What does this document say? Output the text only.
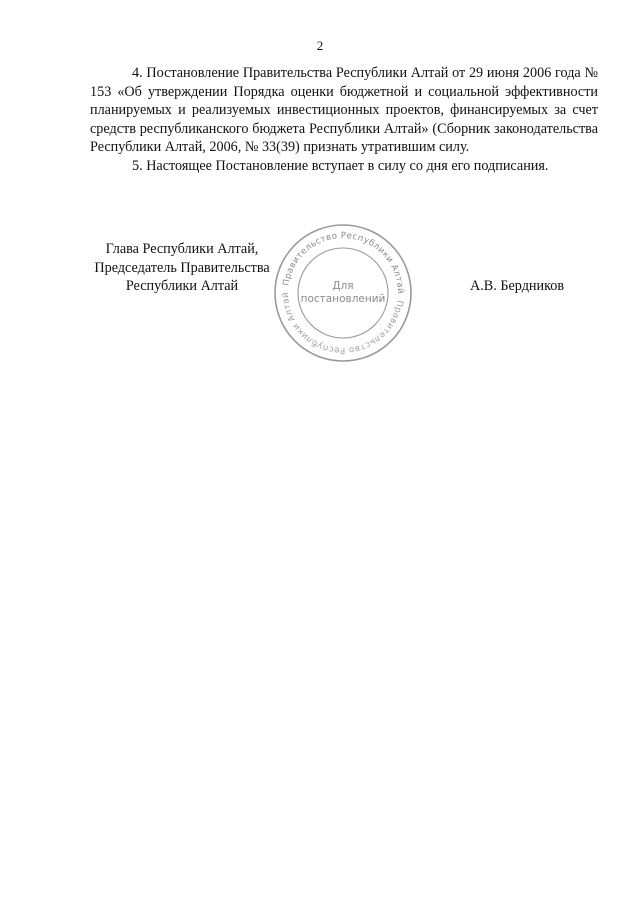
2

4. Постановление Правительства Республики Алтай от 29 июня 2006 года № 153 «Об утверждении Порядка оценки бюджетной и социальной эффективности планируемых и реализуемых инвестиционных проектов, финансируемых за счет средств республиканского бюджета Республики Алтай» (Сборник законодательства Республики Алтай, 2006, № 33(39) признать утратившим силу.

5. Настоящее Постановление вступает в силу со дня его подписания.

Глава Республики Алтай,
Председатель Правительства
Республики Алтай	А.В. Бердников
Правительство Республики Алтай
Правительство Республики Алтай
Для
постановлений
